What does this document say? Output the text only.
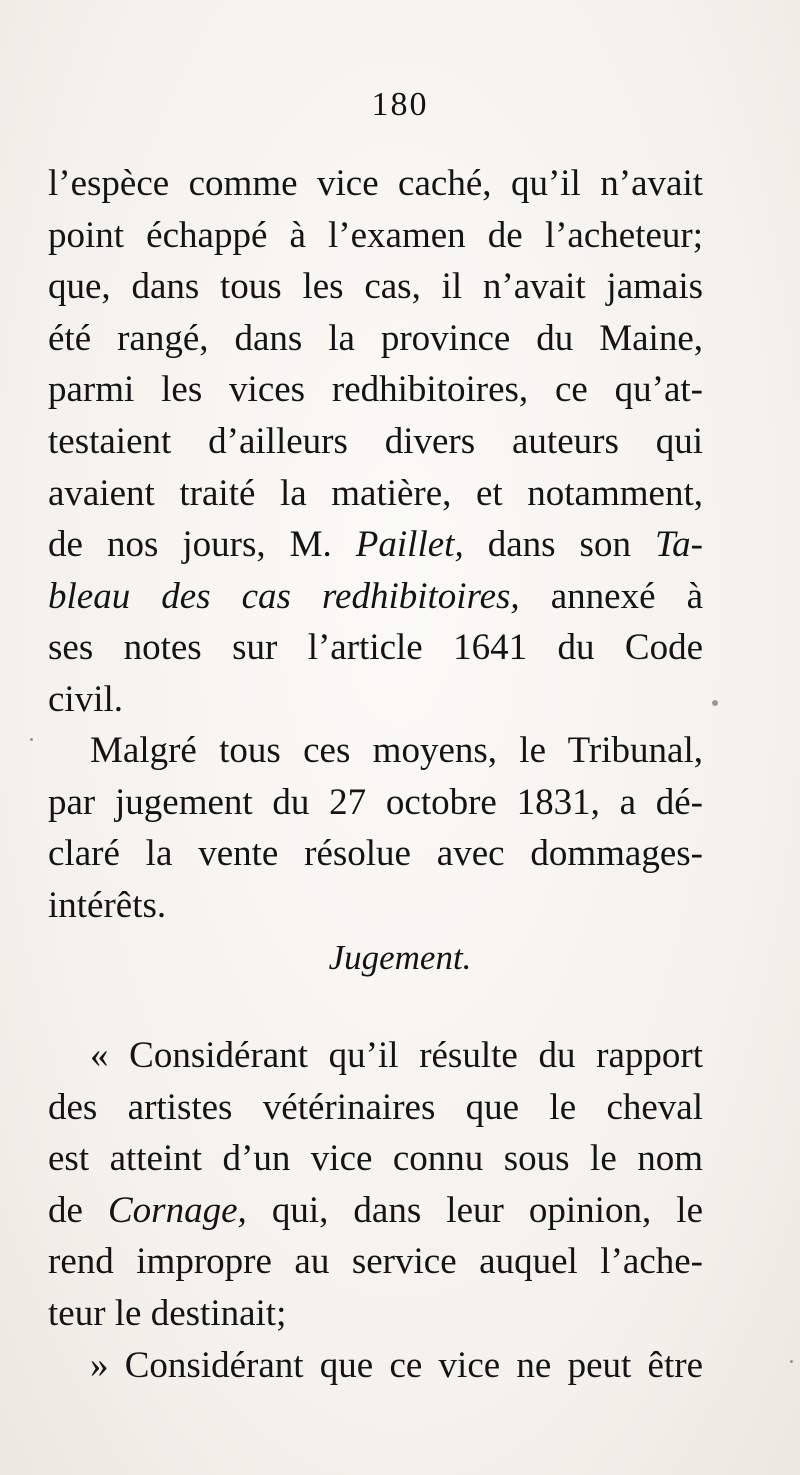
180
l’espèce comme vice caché, qu’il n’avait
point échappé à l’examen de l’acheteur;
que, dans tous les cas, il n’avait jamais
été rangé, dans la province du Maine,
parmi les vices redhibitoires, ce qu’at-
testaient d’ailleurs divers auteurs qui
avaient traité la matière, et notamment,
de nos jours, M. Paillet, dans son Ta-
bleau des cas redhibitoires, annexé à
ses notes sur l’article 1641 du Code
civil.
Malgré tous ces moyens, le Tribunal,
par jugement du 27 octobre 1831, a dé-
claré la vente résolue avec dommages-
intérêts.
Jugement.
« Considérant qu’il résulte du rapport
des artistes vétérinaires que le cheval
est atteint d’un vice connu sous le nom
de Cornage, qui, dans leur opinion, le
rend impropre au service auquel l’ache-
teur le destinait;
» Considérant que ce vice ne peut être
